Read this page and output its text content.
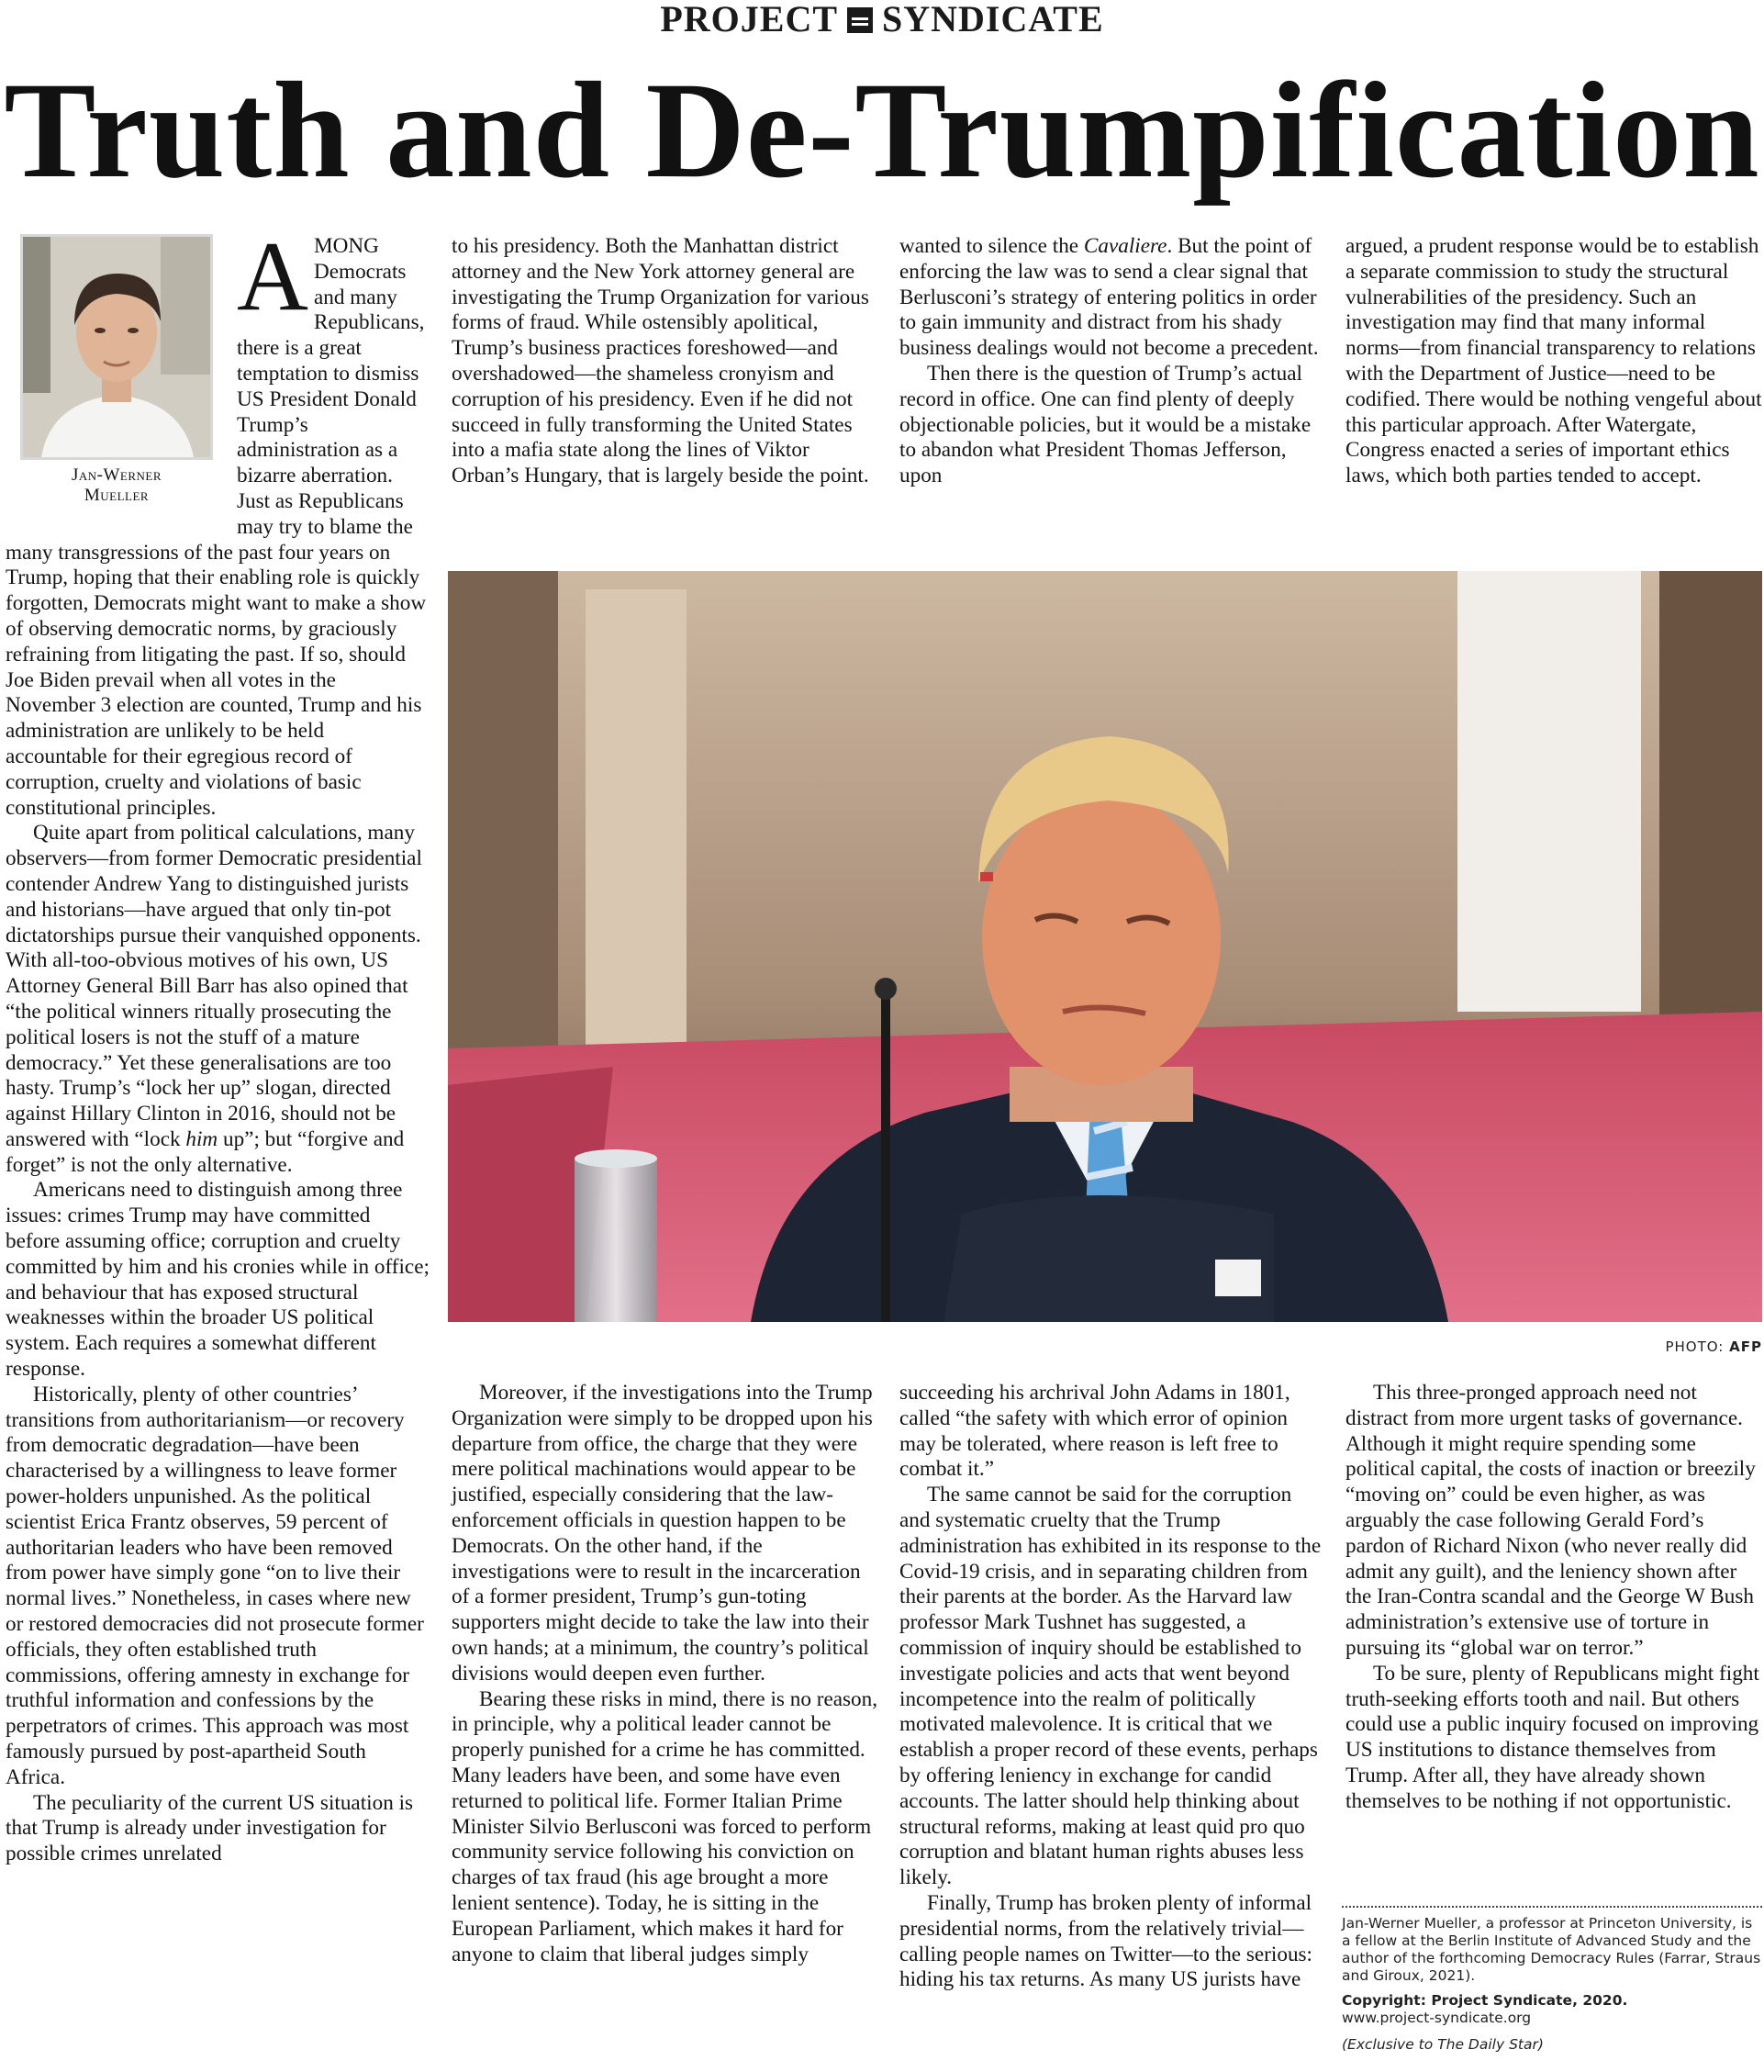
PROJECT SYNDICATE
Truth and De-Trumpification
Jan-Werner
Mueller

AMONG Democrats and many Republicans, there is a great temptation to dismiss US President Donald Trump’s administration as a bizarre aberration. Just as Republicans may try to blame the many transgressions of the past four years on Trump, hoping that their enabling role is quickly forgotten, Democrats might want to make a show of observing democratic norms, by graciously refraining from litigating the past. If so, should Joe Biden prevail when all votes in the November 3 election are counted, Trump and his administration are unlikely to be held accountable for their egregious record of corruption, cruelty and violations of basic constitutional principles.

Quite apart from political calculations, many observers—from former Democratic presidential contender Andrew Yang to distinguished jurists and historians—have argued that only tin-pot dictatorships pursue their vanquished opponents. With all-too-obvious motives of his own, US Attorney General Bill Barr has also opined that “the political winners ritually prosecuting the political losers is not the stuff of a mature democracy.” Yet these generalisations are too hasty. Trump’s “lock her up” slogan, directed against Hillary Clinton in 2016, should not be answered with “lock him up”; but “forgive and forget” is not the only alternative.

Americans need to distinguish among three issues: crimes Trump may have committed before assuming office; corruption and cruelty committed by him and his cronies while in office; and behaviour that has exposed structural weaknesses within the broader US political system. Each requires a somewhat different response.

Historically, plenty of other countries’ transitions from authoritarianism—or recovery from democratic degradation—have been characterised by a willingness to leave former power-holders unpunished. As the political scientist Erica Frantz observes, 59 percent of authoritarian leaders who have been removed from power have simply gone “on to live their normal lives.” Nonetheless, in cases where new or restored democracies did not prosecute former officials, they often established truth commissions, offering amnesty in exchange for truthful information and confessions by the perpetrators of crimes. This approach was most famously pursued by post-apartheid South Africa.

The peculiarity of the current US situation is that Trump is already under investigation for possible crimes unrelated

to his presidency. Both the Manhattan district attorney and the New York attorney general are investigating the Trump Organization for various forms of fraud. While ostensibly apolitical, Trump’s business practices foreshowed—and overshadowed—the shameless cronyism and corruption of his presidency. Even if he did not succeed in fully transforming the United States into a mafia state along the lines of Viktor Orban’s Hungary, that is largely beside the point.

wanted to silence the Cavaliere. But the point of enforcing the law was to send a clear signal that Berlusconi’s strategy of entering politics in order to gain immunity and distract from his shady business dealings would not become a precedent.

Then there is the question of Trump’s actual record in office. One can find plenty of deeply objectionable policies, but it would be a mistake to abandon what President Thomas Jefferson, upon

argued, a prudent response would be to establish a separate commission to study the structural vulnerabilities of the presidency. Such an investigation may find that many informal norms—from financial transparency to relations with the Department of Justice—need to be codified. There would be nothing vengeful about this particular approach. After Watergate, Congress enacted a series of important ethics laws, which both parties tended to accept.

PHOTO: AFP

Moreover, if the investigations into the Trump Organization were simply to be dropped upon his departure from office, the charge that they were mere political machinations would appear to be justified, especially considering that the law-enforcement officials in question happen to be Democrats. On the other hand, if the investigations were to result in the incarceration of a former president, Trump’s gun-toting supporters might decide to take the law into their own hands; at a minimum, the country’s political divisions would deepen even further.

Bearing these risks in mind, there is no reason, in principle, why a political leader cannot be properly punished for a crime he has committed. Many leaders have been, and some have even returned to political life. Former Italian Prime Minister Silvio Berlusconi was forced to perform community service following his conviction on charges of tax fraud (his age brought a more lenient sentence). Today, he is sitting in the European Parliament, which makes it hard for anyone to claim that liberal judges simply

succeeding his archrival John Adams in 1801, called “the safety with which error of opinion may be tolerated, where reason is left free to combat it.”

The same cannot be said for the corruption and systematic cruelty that the Trump administration has exhibited in its response to the Covid-19 crisis, and in separating children from their parents at the border. As the Harvard law professor Mark Tushnet has suggested, a commission of inquiry should be established to investigate policies and acts that went beyond incompetence into the realm of politically motivated malevolence. It is critical that we establish a proper record of these events, perhaps by offering leniency in exchange for candid accounts. The latter should help thinking about structural reforms, making at least quid pro quo corruption and blatant human rights abuses less likely.

Finally, Trump has broken plenty of informal presidential norms, from the relatively trivial—calling people names on Twitter—to the serious: hiding his tax returns. As many US jurists have

This three-pronged approach need not distract from more urgent tasks of governance. Although it might require spending some political capital, the costs of inaction or breezily “moving on” could be even higher, as was arguably the case following Gerald Ford’s pardon of Richard Nixon (who never really did admit any guilt), and the leniency shown after the Iran-Contra scandal and the George W Bush administration’s extensive use of torture in pursuing its “global war on terror.”

To be sure, plenty of Republicans might fight truth-seeking efforts tooth and nail. But others could use a public inquiry focused on improving US institutions to distance themselves from Trump. After all, they have already shown themselves to be nothing if not opportunistic.

Jan-Werner Mueller, a professor at Princeton University, is a fellow at the Berlin Institute of Advanced Study and the author of the forthcoming Democracy Rules (Farrar, Straus and Giroux, 2021).

Copyright: Project Syndicate, 2020.

www.project-syndicate.org

(Exclusive to The Daily Star)
